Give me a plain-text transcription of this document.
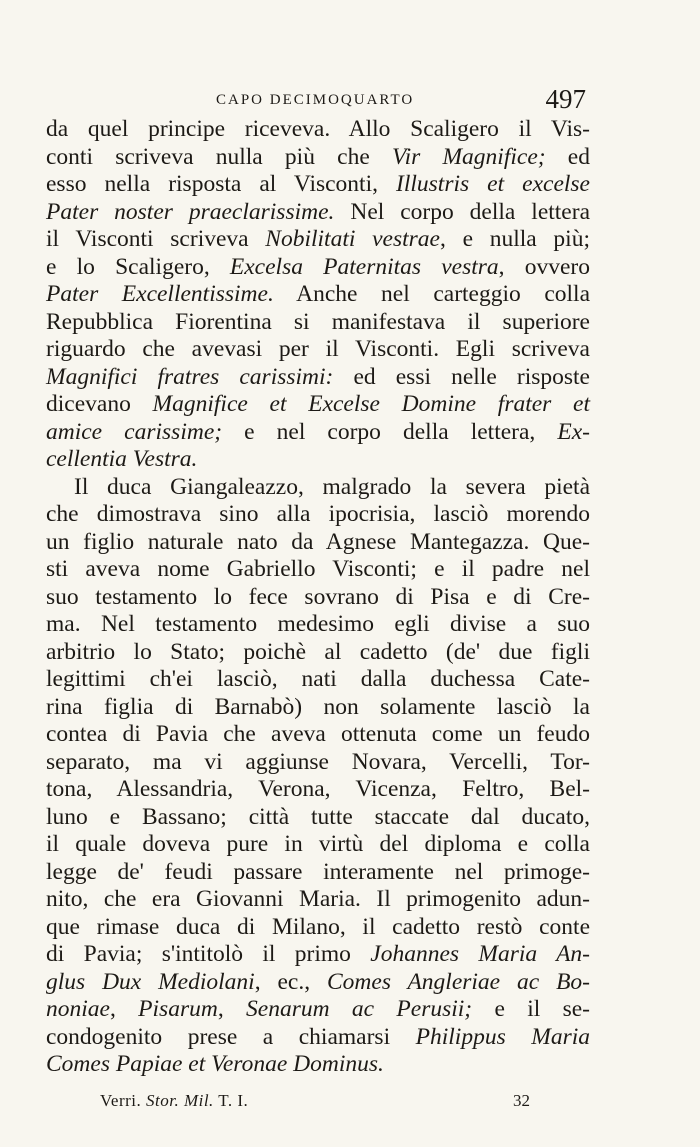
CAPO DECIMOQUARTO	497
da quel principe riceveva. Allo Scaligero il Vis-
conti scriveva nulla più che Vir Magnifice; ed
esso nella risposta al Visconti, Illustris et excelse
Pater noster praeclarissime. Nel corpo della lettera
il Visconti scriveva Nobilitati vestrae, e nulla più;
e lo Scaligero, Excelsa Paternitas vestra, ovvero
Pater Excellentissime. Anche nel carteggio colla
Repubblica Fiorentina si manifestava il superiore
riguardo che avevasi per il Visconti. Egli scriveva
Magnifici fratres carissimi: ed essi nelle risposte
dicevano Magnifice et Excelse Domine frater et
amice carissime; e nel corpo della lettera, Ex-
cellentia Vestra.
Il duca Giangaleazzo, malgrado la severa pietà
che dimostrava sino alla ipocrisia, lasciò morendo
un figlio naturale nato da Agnese Mantegazza. Que-
sti aveva nome Gabriello Visconti; e il padre nel
suo testamento lo fece sovrano di Pisa e di Cre-
ma. Nel testamento medesimo egli divise a suo
arbitrio lo Stato; poichè al cadetto (de' due figli
legittimi ch'ei lasciò, nati dalla duchessa Cate-
rina figlia di Barnabò) non solamente lasciò la
contea di Pavia che aveva ottenuta come un feudo
separato, ma vi aggiunse Novara, Vercelli, Tor-
tona, Alessandria, Verona, Vicenza, Feltro, Bel-
luno e Bassano; città tutte staccate dal ducato,
il quale doveva pure in virtù del diploma e colla
legge de' feudi passare interamente nel primoge-
nito, che era Giovanni Maria. Il primogenito adun-
que rimase duca di Milano, il cadetto restò conte
di Pavia; s'intitolò il primo Johannes Maria An-
glus Dux Mediolani, ec., Comes Angleriae ac Bo-
noniae, Pisarum, Senarum ac Perusii; e il se-
condogenito prese a chiamarsi Philippus Maria
Comes Papiae et Veronae Dominus.
Verri. Stor. Mil. T. I.	32
